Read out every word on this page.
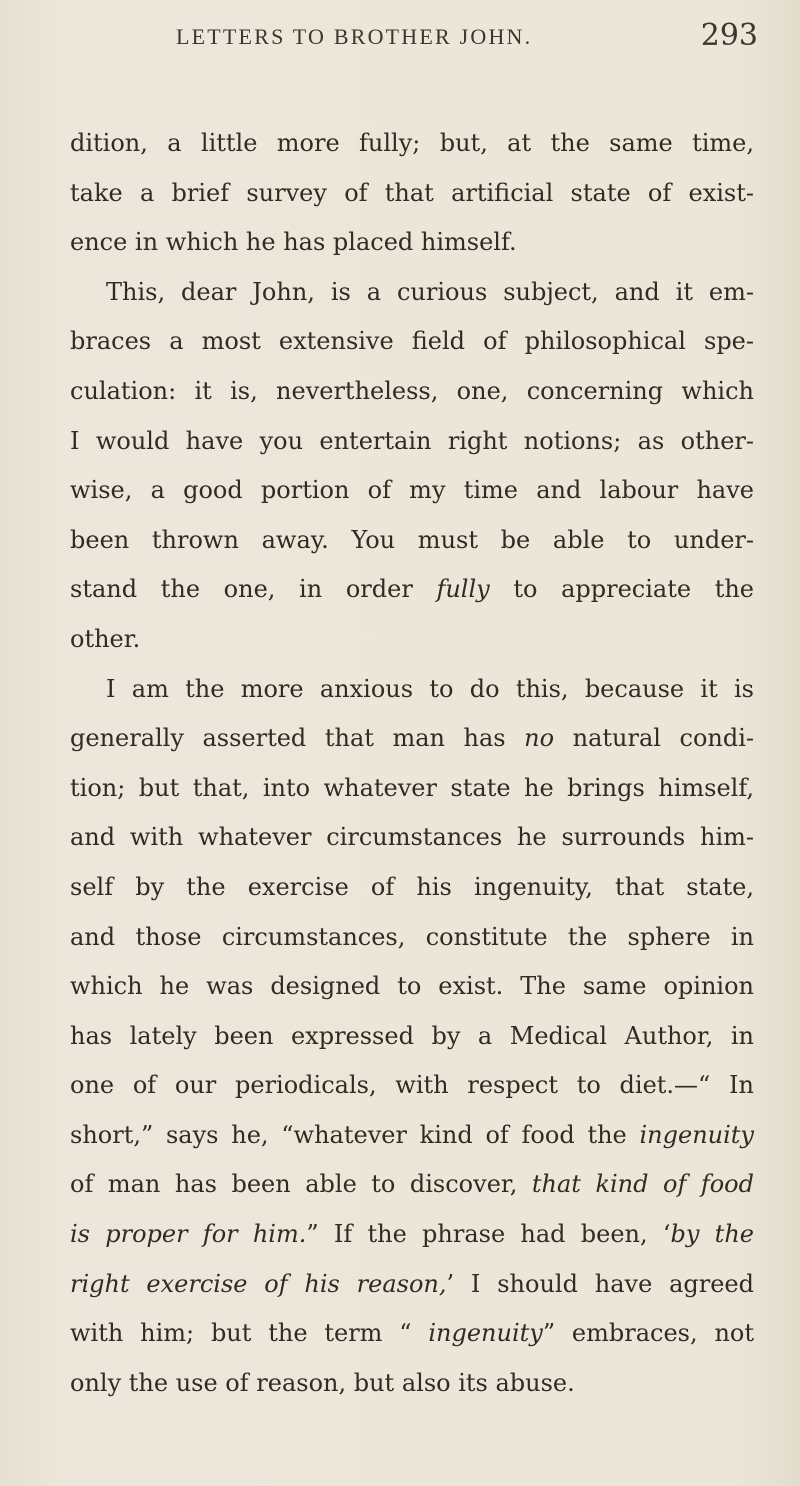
LETTERS TO BROTHER JOHN.	293
dition, a little more fully; but, at the same time,
take a brief survey of that artificial state of exist-
ence in which he has placed himself.
This, dear John, is a curious subject, and it em-
braces a most extensive field of philosophical spe-
culation: it is, nevertheless, one, concerning which
I would have you entertain right notions; as other-
wise, a good portion of my time and labour have
been thrown away. You must be able to under-
stand the one, in order fully to appreciate the
other.
I am the more anxious to do this, because it is
generally asserted that man has no natural condi-
tion; but that, into whatever state he brings himself,
and with whatever circumstances he surrounds him-
self by the exercise of his ingenuity, that state,
and those circumstances, constitute the sphere in
which he was designed to exist. The same opinion
has lately been expressed by a Medical Author, in
one of our periodicals, with respect to diet.—“ In
short,” says he, “whatever kind of food the ingenuity
of man has been able to discover, that kind of food
is proper for him.” If the phrase had been, ‘by the
right exercise of his reason,’ I should have agreed
with him; but the term “ ingenuity” embraces, not
only the use of reason, but also its abuse.
